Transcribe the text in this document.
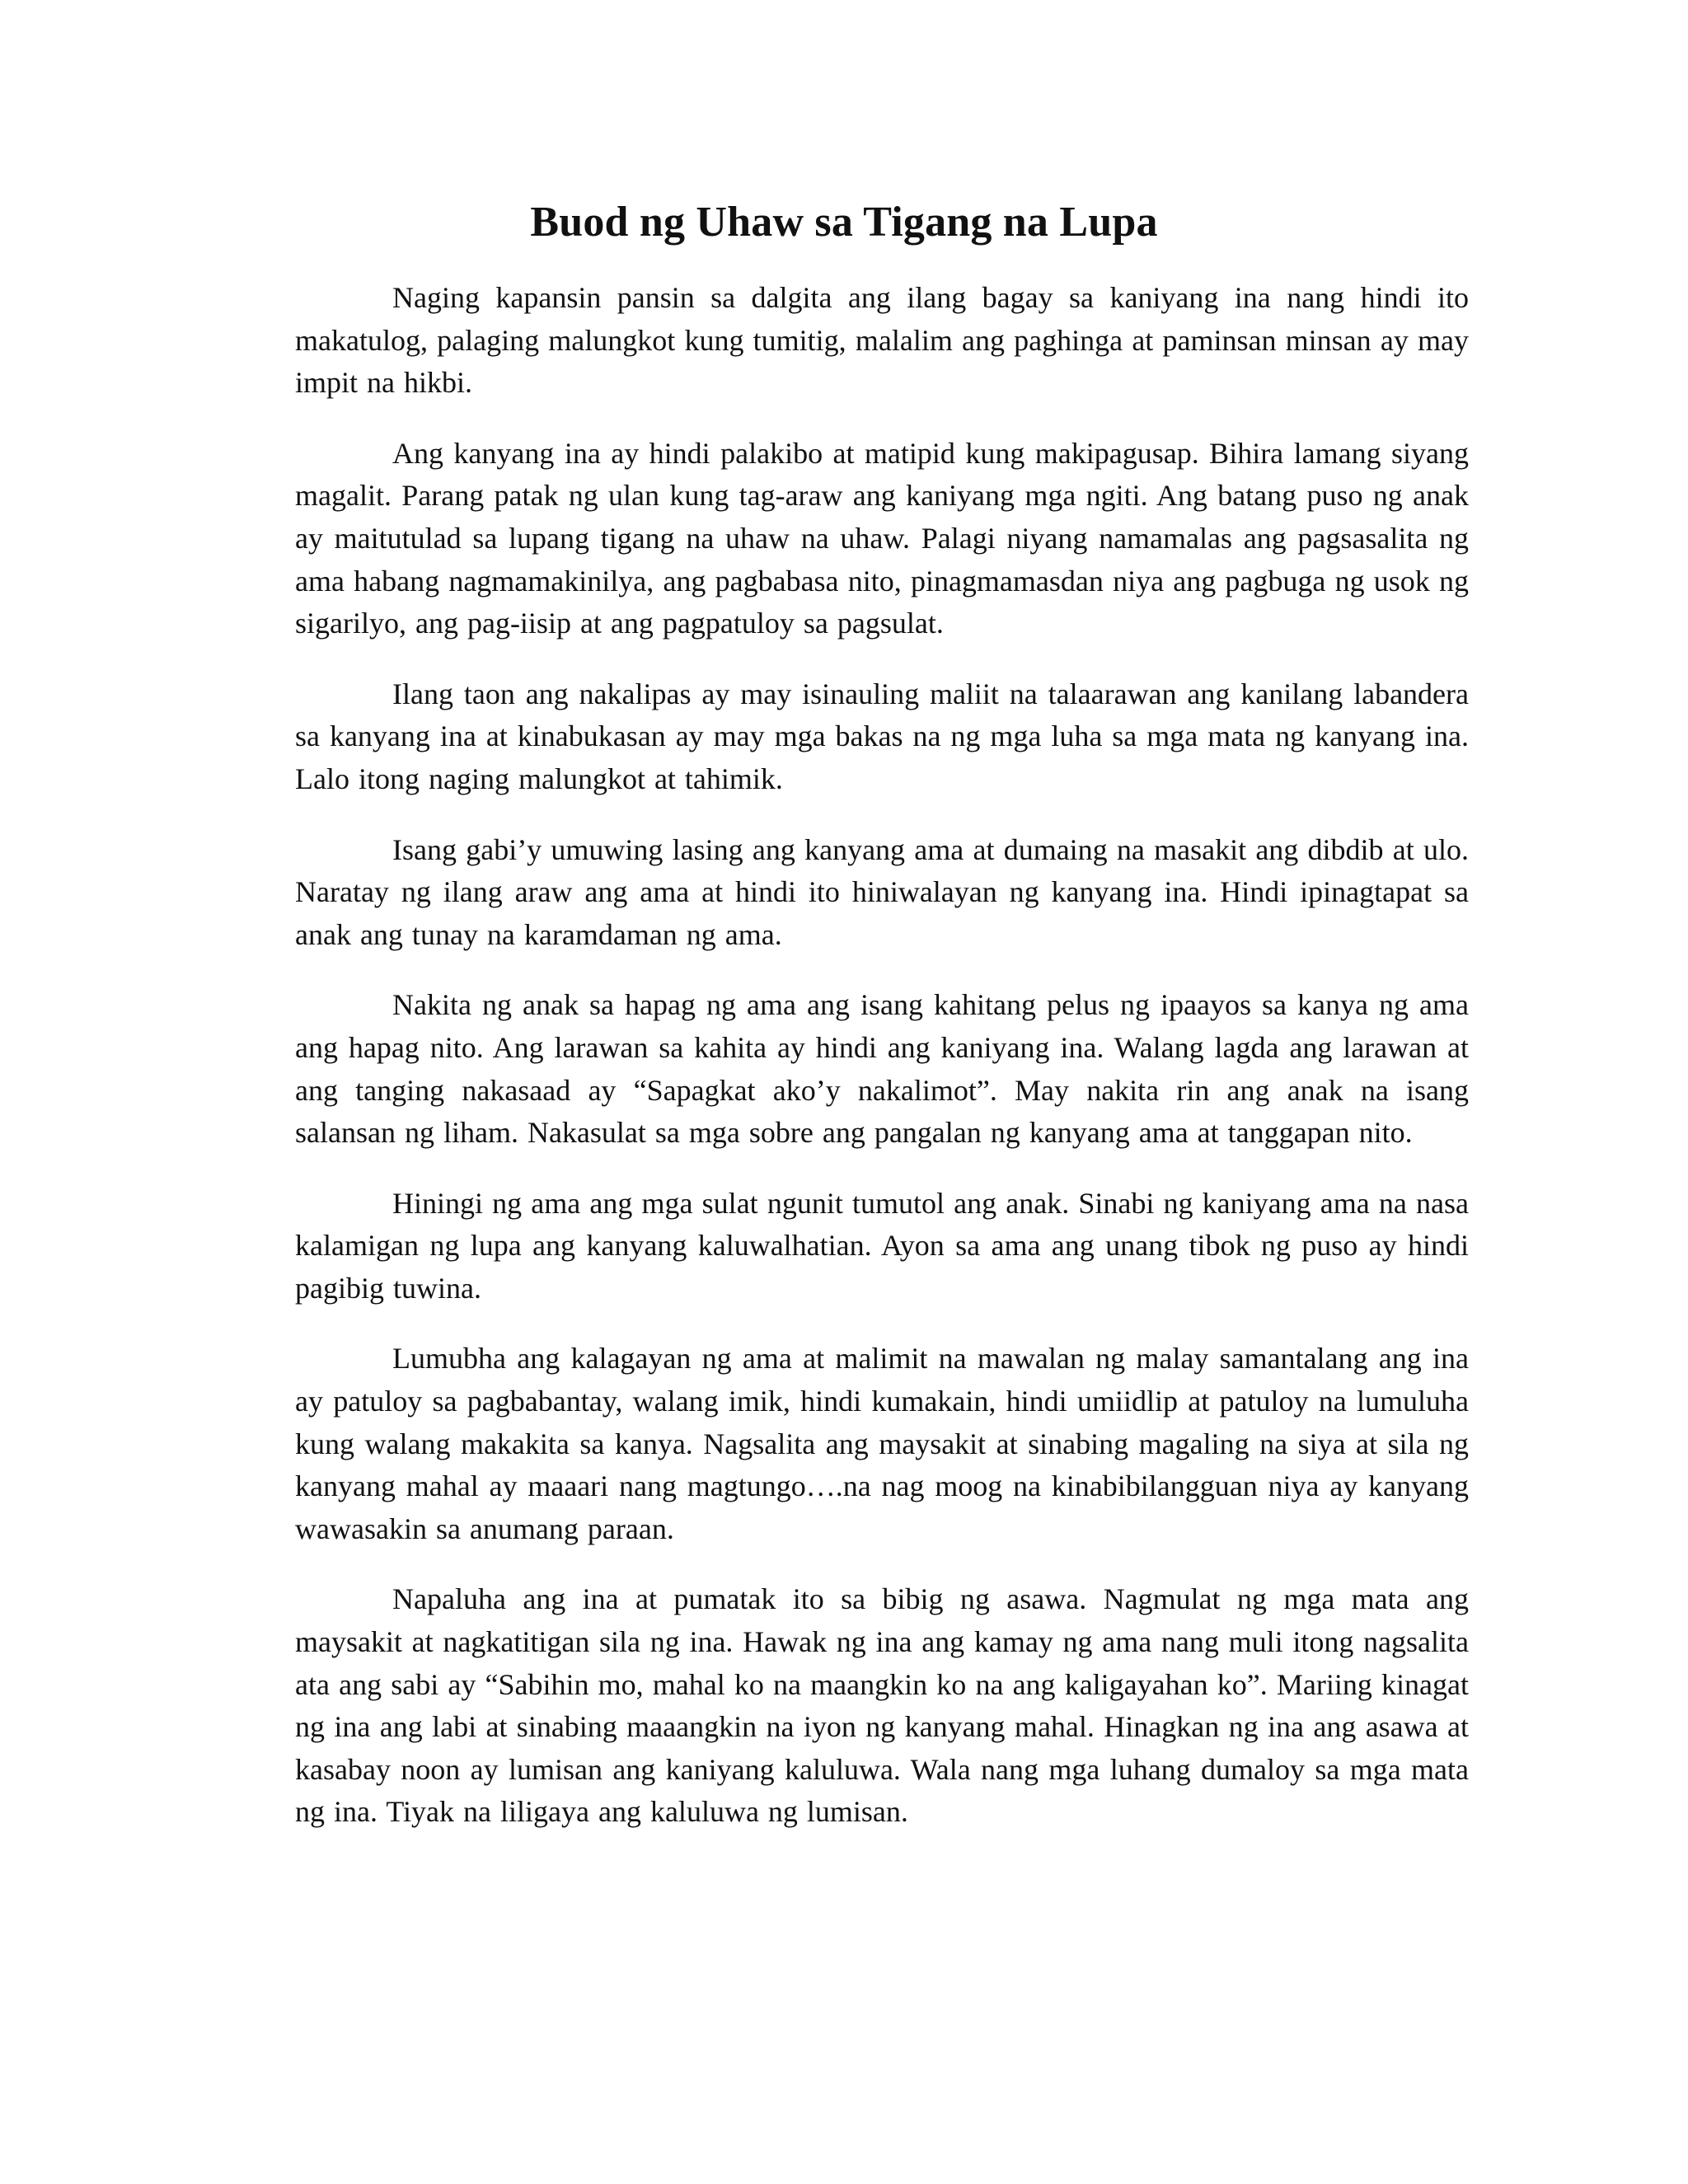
Buod ng Uhaw sa Tigang na Lupa

Naging kapansin pansin sa dalgita ang ilang bagay sa kaniyang ina nang hindi ito makatulog, palaging malungkot kung tumitig, malalim ang paghinga at paminsan minsan ay may impit na hikbi.

Ang kanyang ina ay hindi palakibo at matipid kung makipagusap. Bihira lamang siyang magalit. Parang patak ng ulan kung tag-araw ang kaniyang mga ngiti. Ang batang puso ng anak ay maitutulad sa lupang tigang na uhaw na uhaw. Palagi niyang namamalas ang pagsasalita ng ama habang nagmamakinilya, ang pagbabasa nito, pinagmamasdan niya ang pagbuga ng usok ng sigarilyo, ang pag-iisip at ang pagpatuloy sa pagsulat.

Ilang taon ang nakalipas ay may isinauling maliit na talaarawan ang kanilang labandera sa kanyang ina at kinabukasan ay may mga bakas na ng mga luha sa mga mata ng kanyang ina. Lalo itong naging malungkot at tahimik.

Isang gabi’y umuwing lasing ang kanyang ama at dumaing na masakit ang dibdib at ulo. Naratay ng ilang araw ang ama at hindi ito hiniwalayan ng kanyang ina. Hindi ipinagtapat sa anak ang tunay na karamdaman ng ama.

Nakita ng anak sa hapag ng ama ang isang kahitang pelus ng ipaayos sa kanya ng ama ang hapag nito. Ang larawan sa kahita ay hindi ang kaniyang ina. Walang lagda ang larawan at ang tanging nakasaad ay “Sapagkat ako’y nakalimot”. May nakita rin ang anak na isang salansan ng liham. Nakasulat sa mga sobre ang pangalan ng kanyang ama at tanggapan nito.

Hiningi ng ama ang mga sulat ngunit tumutol ang anak. Sinabi ng kaniyang ama na nasa kalamigan ng lupa ang kanyang kaluwalhatian. Ayon sa ama ang unang tibok ng puso ay hindi pagibig tuwina.

Lumubha ang kalagayan ng ama at malimit na mawalan ng malay samantalang ang ina ay patuloy sa pagbabantay, walang imik, hindi kumakain, hindi umiidlip at patuloy na lumuluha kung walang makakita sa kanya. Nagsalita ang maysakit at sinabing magaling na siya at sila ng kanyang mahal ay maaari nang magtungo….na nag moog na kinabibilangguan niya ay kanyang wawasakin sa anumang paraan.

Napaluha ang ina at pumatak ito sa bibig ng asawa. Nagmulat ng mga mata ang maysakit at nagkatitigan sila ng ina. Hawak ng ina ang kamay ng ama nang muli itong nagsalita ata ang sabi ay “Sabihin mo, mahal ko na maangkin ko na ang kaligayahan ko”. Mariing kinagat ng ina ang labi at sinabing maaangkin na iyon ng kanyang mahal. Hinagkan ng ina ang asawa at kasabay noon ay lumisan ang kaniyang kaluluwa. Wala nang mga luhang dumaloy sa mga mata ng ina. Tiyak na liligaya ang kaluluwa ng lumisan.
